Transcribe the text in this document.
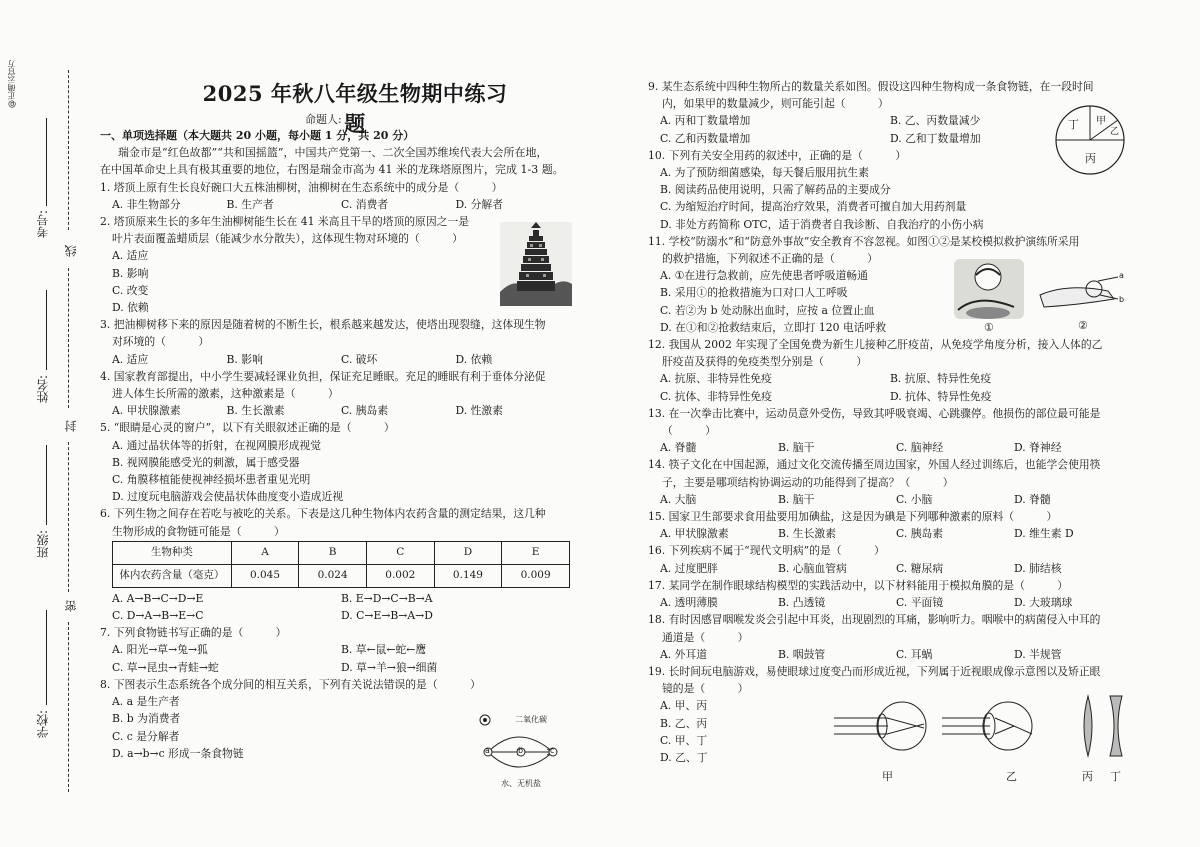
@正确云官方
考号:
姓名:
班级:
学校:
线
封
密
2025 年秋八年级生物期中练习题
命题人:
一、单项选择题（本大题共 20 小题，每小题 1 分，共 20 分）
瑞金市是“红色故都”“共和国摇篮”，中国共产党第一、二次全国苏维埃代表大会所在地，
在中国革命史上具有极其重要的地位，右图是瑞金市高为 41 米的龙珠塔原图片，完成 1-3 题。
1. 塔顶上原有生长良好碗口大五株油柳树，油柳树在生态系统中的成分是（　　　）
A. 非生物部分	B. 生产者	C. 消费者	D. 分解者
2. 塔顶原来生长的多年生油柳树能生长在 41 米高且干旱的塔顶的原因之一是
叶片表面覆盖蜡质层（能减少水分散失），这体现生物对环境的（　　　）
A. 适应
B. 影响
C. 改变
D. 依赖
3. 把油柳树移下来的原因是随着树的不断生长，根系越来越发达，使塔出现裂缝，这体现生物
对环境的（　　　）
A. 适应	B. 影响	C. 破坏	D. 依赖
4. 国家教育部提出，中小学生要减轻课业负担，保证充足睡眠。充足的睡眠有利于垂体分泌促
进人体生长所需的激素，这种激素是（　　　）
A. 甲状腺激素	B. 生长激素	C. 胰岛素	D. 性激素
5. “眼睛是心灵的窗户”，以下有关眼叙述正确的是（　　　）
A. 通过晶状体等的折射，在视网膜形成视觉
B. 视网膜能感受光的刺激，属于感受器
C. 角膜移植能使视神经损坏患者重见光明
D. 过度玩电脑游戏会使晶状体曲度变小造成近视
6. 下列生物之间存在若吃与被吃的关系。下表是这几种生物体内农药含量的测定结果，这几种
生物形成的食物链可能是（　　　）
生物种类	A	B	C	D	E
体内农药含量（毫克）	0.045	0.024	0.002	0.149	0.009
A. A→B→C→D→E	B. E→D→C→B→A
C. D→A→B→E→C	D. C→E→B→A→D
7. 下列食物链书写正确的是（　　　）
A. 阳光→草→兔→狐	B. 草←鼠←蛇←鹰
C. 草→昆虫→青蛙→蛇	D. 草→羊→狼→细菌
8. 下图表示生态系统各个成分间的相互关系，下列有关说法错误的是（　　　）
A. a 是生产者
B. b 为消费者
C. c 是分解者
D. a→b→c 形成一条食物链
二氧化碳
a	b	c
水、无机盐
9. 某生态系统中四种生物所占的数量关系如图。假设这四种生物构成一条食物链，在一段时间
内，如果甲的数量减少，则可能引起（　　　）
A. 丙和丁数量增加	B. 乙、丙数量减少
C. 乙和丙数量增加	D. 乙和丁数量增加
10. 下列有关安全用药的叙述中，正确的是（　　　）
A. 为了预防细菌感染，每天餐后服用抗生素
B. 阅读药品使用说明，只需了解药品的主要成分
C. 为缩短治疗时间，提高治疗效果，消费者可擅自加大用药剂量
D. 非处方药简称 OTC，适于消费者自我诊断、自我治疗的小伤小病
11. 学校“防溺水”和“防意外事故”安全教育不容忽视。如图①②是某校模拟救护演练所采用
的救护措施，下列叙述不正确的是（　　　）
A. ①在进行急救前，应先使患者呼吸道畅通
B. 采用①的抢救措施为口对口人工呼吸
C. 若②为 b 处动脉出血时，应按 a 位置止血
D. 在①和②抢救结束后，立即打 120 电话呼救
12. 我国从 2002 年实现了全国免费为新生儿接种乙肝疫苗，从免疫学角度分析，接入人体的乙
肝疫苗及获得的免疫类型分别是（　　　）
A. 抗原、非特异性免疫	B. 抗原、特异性免疫
C. 抗体、非特异性免疫	D. 抗体、特异性免疫
13. 在一次拳击比赛中，运动员意外受伤，导致其呼吸衰竭、心跳骤停。他损伤的部位最可能是
（　　　）
A. 脊髓	B. 脑干	C. 脑神经	D. 脊神经
14. 筷子文化在中国起源，通过文化交流传播至周边国家，外国人经过训练后，也能学会使用筷
子，主要是哪项结构协调运动的功能得到了提高？（　　　）
A. 大脑	B. 脑干	C. 小脑	D. 脊髓
15. 国家卫生部要求食用盐要用加碘盐，这是因为碘是下列哪种激素的原料（　　　）
A. 甲状腺激素	B. 生长激素	C. 胰岛素	D. 维生素 D
16. 下列疾病不属于“现代文明病”的是（　　　）
A. 过度肥胖	B. 心脑血管病	C. 糖尿病	D. 肺结核
17. 某同学在制作眼球结构模型的实践活动中，以下材料能用于模拟角膜的是（　　　）
A. 透明薄膜	B. 凸透镜	C. 平面镜	D. 大玻璃球
18. 有时因感冒咽喉发炎会引起中耳炎，出现剧烈的耳痛，影响听力。咽喉中的病菌侵入中耳的
通道是（　　　）
A. 外耳道	B. 咽鼓管	C. 耳蜗	D. 半规管
19. 长时间玩电脑游戏，易使眼球过度变凸而形成近视，下列属于近视眼成像示意图以及矫正眼
镜的是（　　　）
A. 甲、丙
B. 乙、丙
C. 甲、丁
D. 乙、丁
丁 甲
乙
丙
①	②
a
b
甲	乙	丙 丁
